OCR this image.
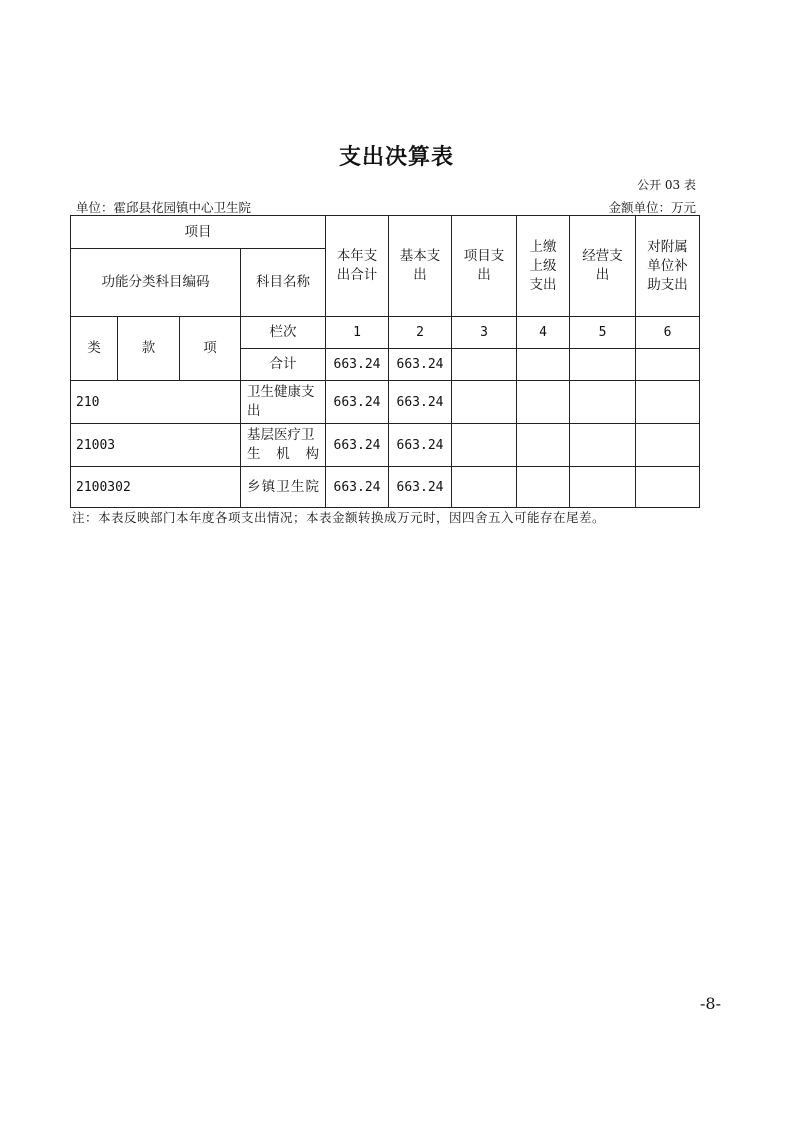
支出决算表
公开 03 表
单位：霍邱县花园镇中心卫生院	金额单位：万元
项目				本年支出合计	基本支出	项目支出	上缴上级支出	经营支出	对附属单位补助支出
功能分类科目编码			科目名称						
类	款	项	栏次	1	2	3	4	5	6
			合计	663.24	663.24				
210			卫生健康支出	663.24	663.24				
21003			基层医疗卫生机构	663.24	663.24				
2100302			乡镇卫生院	663.24	663.24				
注：本表反映部门本年度各项支出情况；本表金额转换成万元时，因四舍五入可能存在尾差。
-8-
